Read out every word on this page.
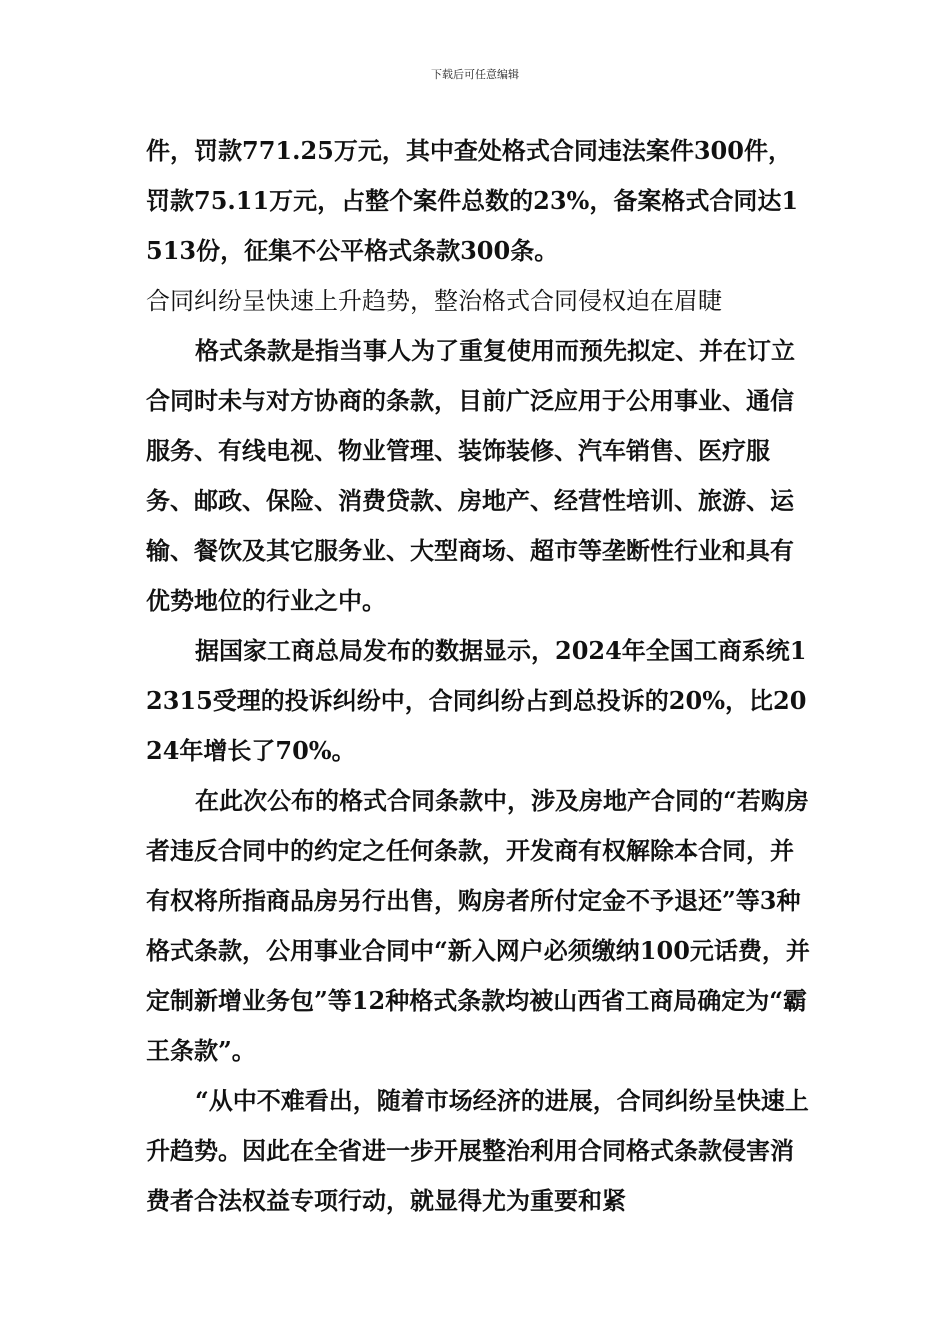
下载后可任意编辑

件，罚款771.25万元，其中查处格式合同违法案件300件，罚款75.11万元，占整个案件总数的23%，备案格式合同达1513份，征集不公平格式条款300条。

合同纠纷呈快速上升趋势，整治格式合同侵权迫在眉睫

格式条款是指当事人为了重复使用而预先拟定、并在订立合同时未与对方协商的条款，目前广泛应用于公用事业、通信服务、有线电视、物业管理、装饰装修、汽车销售、医疗服务、邮政、保险、消费贷款、房地产、经营性培训、旅游、运输、餐饮及其它服务业、大型商场、超市等垄断性行业和具有优势地位的行业之中。

据国家工商总局发布的数据显示，2024年全国工商系统12315受理的投诉纠纷中，合同纠纷占到总投诉的20%，比2024年增长了70%。

在此次公布的格式合同条款中，涉及房地产合同的“若购房者违反合同中的约定之任何条款，开发商有权解除本合同，并有权将所指商品房另行出售，购房者所付定金不予退还”等3种格式条款，公用事业合同中“新入网户必须缴纳100元话费，并定制新增业务包”等12种格式条款均被山西省工商局确定为“霸王条款”。

“从中不难看出，随着市场经济的进展，合同纠纷呈快速上升趋势。因此在全省进一步开展整治利用合同格式条款侵害消费者合法权益专项行动，就显得尤为重要和紧
